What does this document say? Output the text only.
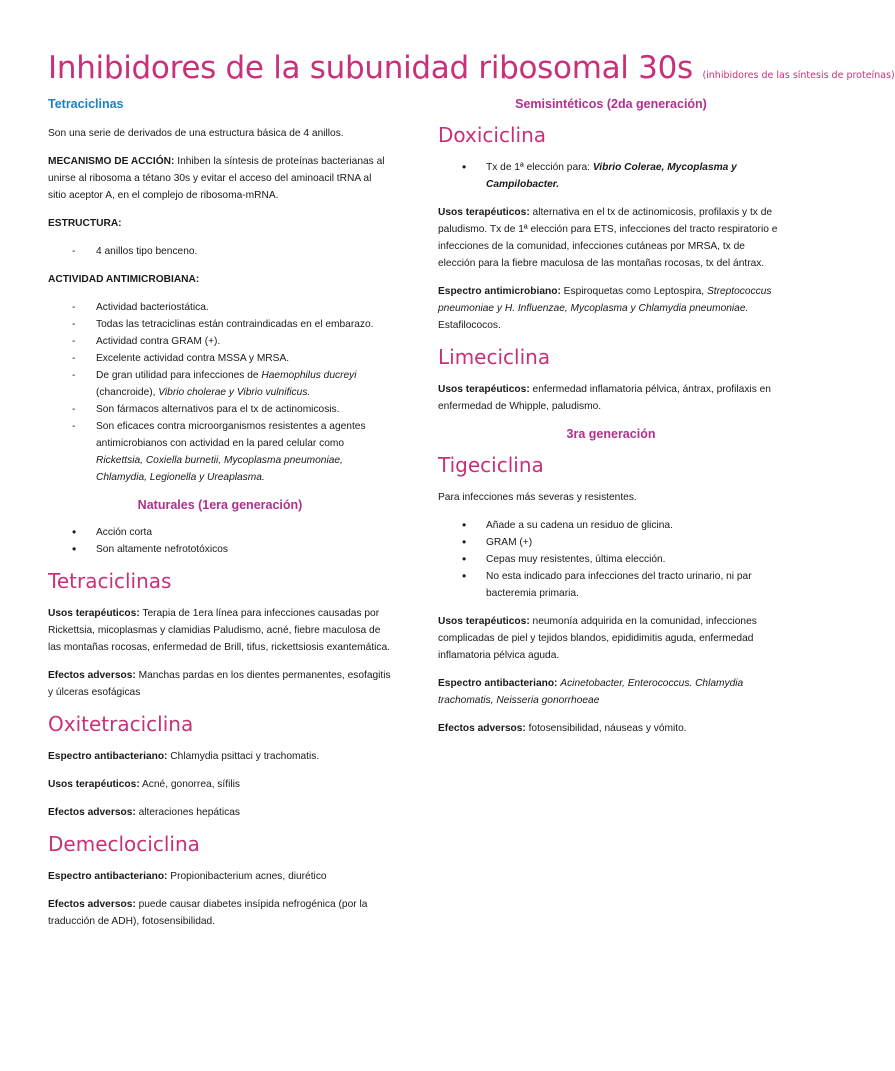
Inhibidores de la subunidad ribosomal 30s (inhibidores de las síntesis de proteínas)
Tetraciclinas

Son una serie de derivados de una estructura básica de 4 anillos.

MECANISMO DE ACCIÓN: Inhiben la síntesis de proteínas bacterianas al unirse al ribosoma a tétano 30s y evitar el acceso del aminoacil tRNA al sitio aceptor A, en el complejo de ribosoma-mRNA.

ESTRUCTURA:

- 4 anillos tipo benceno.

ACTIVIDAD ANTIMICROBIANA:

- Actividad bacteriostática.
- Todas las tetraciclinas están contraindicadas en el embarazo.
- Actividad contra GRAM (+).
- Excelente actividad contra MSSA y MRSA.
- De gran utilidad para infecciones de Haemophilus ducreyi (chancroide), Vibrio cholerae y Vibrio vulnificus.
- Son fármacos alternativos para el tx de actinomicosis.
- Son eficaces contra microorganismos resistentes a agentes antimicrobianos con actividad en la pared celular como Rickettsia, Coxiella burnetii, Mycoplasma pneumoniae, Chlamydia, Legionella y Ureaplasma.
Naturales (1era generación)
• Acción corta
• Son altamente nefrototóxicos
Tetraciclinas

Usos terapéuticos: Terapia de 1era línea para infecciones causadas por Rickettsia, micoplasmas y clamidias Paludismo, acné, fiebre maculosa de las montañas rocosas, enfermedad de Brill, tifus, rickettsiosis exantemática.

Efectos adversos: Manchas pardas en los dientes permanentes, esofagitis y úlceras esofágicas

Oxitetraciclina

Espectro antibacteriano: Chlamydia psittaci y trachomatis.

Usos terapéuticos: Acné, gonorrea, sífilis

Efectos adversos: alteraciones hepáticas

Demeclociclina

Espectro antibacteriano: Propionibacterium acnes, diurético

Efectos adversos: puede causar diabetes insípida nefrogénica (por la traducción de ADH), fotosensibilidad.

Semisintéticos (2da generación)
Doxiciclina
• Tx de 1ª elección para: Vibrio Colerae, Mycoplasma y Campilobacter.

Usos terapéuticos: alternativa en el tx de actinomicosis, profilaxis y tx de paludismo. Tx de 1ª elección para ETS, infecciones del tracto respiratorio e infecciones de la comunidad, infecciones cutáneas por MRSA, tx de elección para la fiebre maculosa de las montañas rocosas, tx del ántrax.

Espectro antimicrobiano: Espiroquetas como Leptospira, Streptococcus pneumoniae y H. Influenzae, Mycoplasma y Chlamydia pneumoniae. Estafilococos.

Limeciclina

Usos terapéuticos: enfermedad inflamatoria pélvica, ántrax, profilaxis en enfermedad de Whipple, paludismo.

3ra generación
Tigeciclina

Para infecciones más severas y resistentes.

• Añade a su cadena un residuo de glicina.
• GRAM (+)
• Cepas muy resistentes, última elección.
• No esta indicado para infecciones del tracto urinario, ni par bacteremia primaria.

Usos terapéuticos: neumonía adquirida en la comunidad, infecciones complicadas de piel y tejidos blandos, epididimitis aguda, enfermedad inflamatoria pélvica aguda.

Espectro antibacteriano: Acinetobacter, Enterococcus. Chlamydia trachomatis, Neisseria gonorrhoeae

Efectos adversos: fotosensibilidad, náuseas y vómito.
